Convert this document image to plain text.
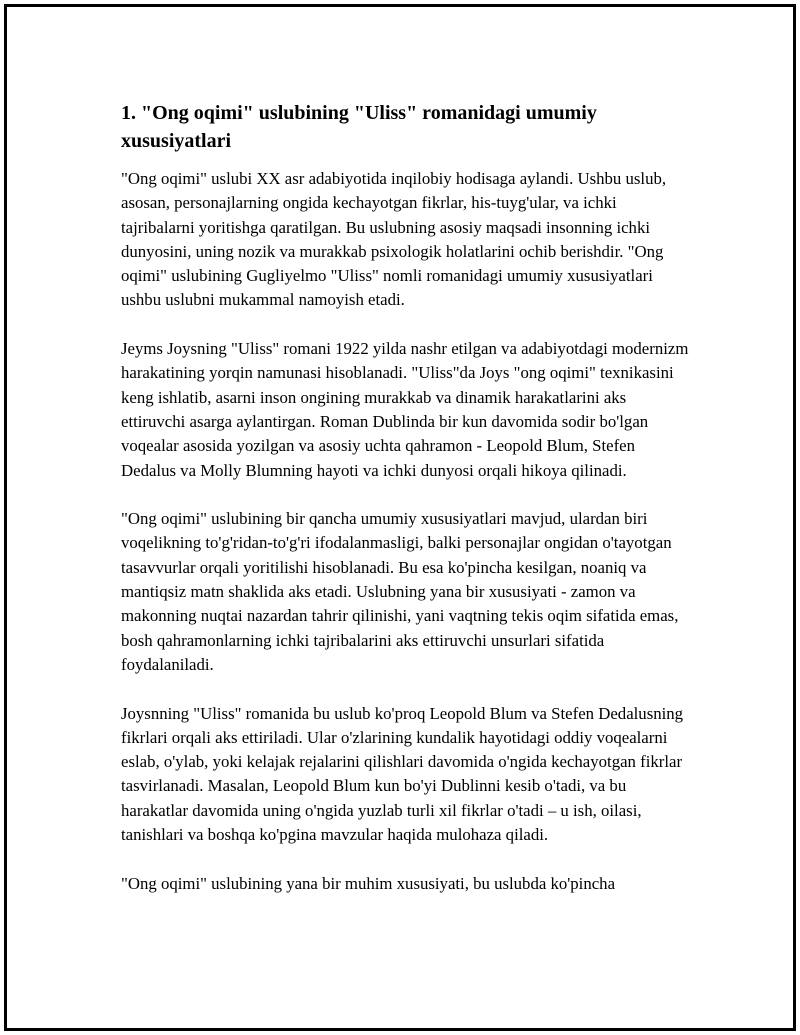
1. "Ong oqimi" uslubining "Uliss" romanidagi umumiy xususiyatlari

"Ong oqimi" uslubi XX asr adabiyotida inqilobiy hodisaga aylandi. Ushbu uslub, asosan, personajlarning ongida kechayotgan fikrlar, his-tuyg'ular, va ichki tajribalarni yoritishga qaratilgan. Bu uslubning asosiy maqsadi insonning ichki dunyosini, uning nozik va murakkab psixologik holatlarini ochib berishdir. "Ong oqimi" uslubining Gugliyelmo "Uliss" nomli romanidagi umumiy xususiyatlari ushbu uslubni mukammal namoyish etadi.

Jeyms Joysning "Uliss" romani 1922 yilda nashr etilgan va adabiyotdagi modernizm harakatining yorqin namunasi hisoblanadi. "Uliss"da Joys "ong oqimi" texnikasini keng ishlatib, asarni inson ongining murakkab va dinamik harakatlarini aks ettiruvchi asarga aylantirgan. Roman Dublinda bir kun davomida sodir bo'lgan voqealar asosida yozilgan va asosiy uchta qahramon - Leopold Blum, Stefen Dedalus va Molly Blumning hayoti va ichki dunyosi orqali hikoya qilinadi.

"Ong oqimi" uslubining bir qancha umumiy xususiyatlari mavjud, ulardan biri voqelikning to'g'ridan-to'g'ri ifodalanmasligi, balki personajlar ongidan o'tayotgan tasavvurlar orqali yoritilishi hisoblanadi. Bu esa ko'pincha kesilgan, noaniq va mantiqsiz matn shaklida aks etadi. Uslubning yana bir xususiyati - zamon va makonning nuqtai nazardan tahrir qilinishi, yani vaqtning tekis oqim sifatida emas, bosh qahramonlarning ichki tajribalarini aks ettiruvchi unsurlari sifatida foydalaniladi.

Joysnning "Uliss" romanida bu uslub ko'proq Leopold Blum va Stefen Dedalusning fikrlari orqali aks ettiriladi. Ular o'zlarining kundalik hayotidagi oddiy voqealarni eslab, o'ylab, yoki kelajak rejalarini qilishlari davomida o'ngida kechayotgan fikrlar tasvirlanadi. Masalan, Leopold Blum kun bo'yi Dublinni kesib o'tadi, va bu harakatlar davomida uning o'ngida yuzlab turli xil fikrlar o'tadi – u ish, oilasi, tanishlari va boshqa ko'pgina mavzular haqida mulohaza qiladi.

"Ong oqimi" uslubining yana bir muhim xususiyati, bu uslubda ko'pincha
